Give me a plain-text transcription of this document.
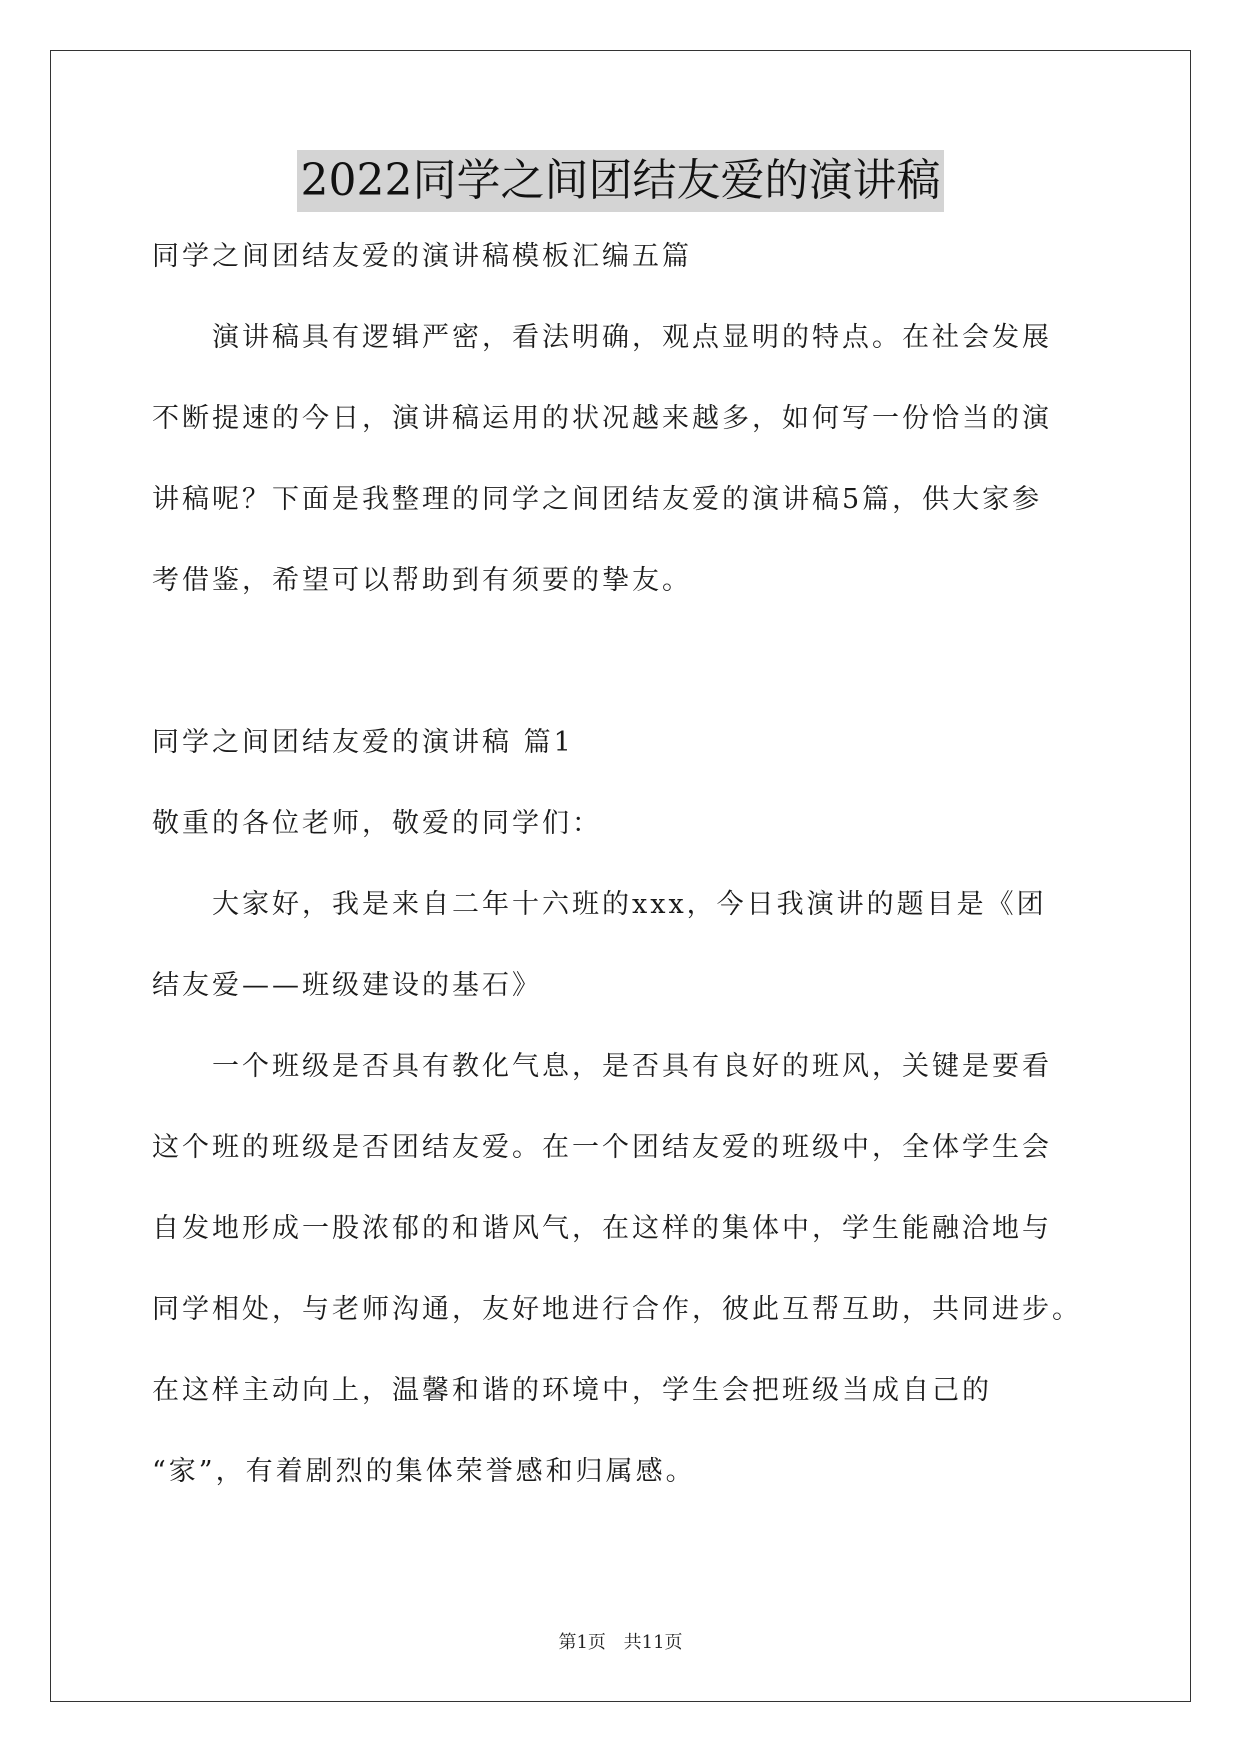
2022同学之间团结友爱的演讲稿
同学之间团结友爱的演讲稿模板汇编五篇
演讲稿具有逻辑严密，看法明确，观点显明的特点。在社会发展
不断提速的今日，演讲稿运用的状况越来越多，如何写一份恰当的演
讲稿呢？下面是我整理的同学之间团结友爱的演讲稿5篇，供大家参
考借鉴，希望可以帮助到有须要的挚友。
同学之间团结友爱的演讲稿 篇1
敬重的各位老师，敬爱的同学们：
大家好，我是来自二年十六班的xxx，今日我演讲的题目是《团
结友爱——班级建设的基石》
一个班级是否具有教化气息，是否具有良好的班风，关键是要看
这个班的班级是否团结友爱。在一个团结友爱的班级中，全体学生会
自发地形成一股浓郁的和谐风气，在这样的集体中，学生能融洽地与
同学相处，与老师沟通，友好地进行合作，彼此互帮互助，共同进步。
在这样主动向上，温馨和谐的环境中，学生会把班级当成自己的
“家”，有着剧烈的集体荣誉感和归属感。
第1页 共11页
